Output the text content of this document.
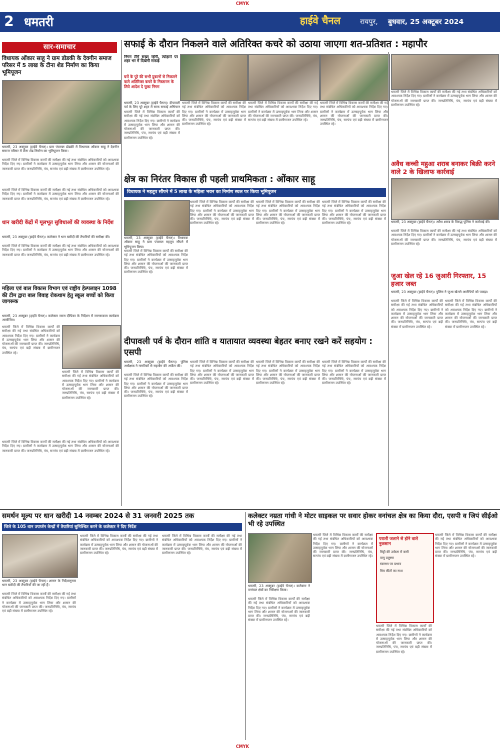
CMYK
2 धमतरी	हाईवे चैनल	रायपुर, बुधवार, 25 अक्टूबर 2024
सार-समाचार
विधायक ओंकार साहू ने ग्राम डोडकी के देवगीन समाज परिसर में 5 लाख के टीना शेड निर्माण का किया भूमिपूजन
धमतरी, 23 अक्टूबर (हाईवे चैनल)। ग्राम पंचायत डोडकी में विधायक ओंकार साहू ने देवगीन समाज परिसर में टीना शेड निर्माण का भूमिपूजन किया।
धमतरी जिले में विभिन्न विकास कार्यों की समीक्षा की गई तथा संबंधित अधिकारियों को आवश्यक निर्देश दिए गए। ग्रामीणों ने कार्यक्रम में उत्साहपूर्वक भाग लिया और शासन की योजनाओं की जानकारी प्राप्त की। जनप्रतिनिधि, पंच, सरपंच एवं बड़ी संख्या में ग्रामीणजन उपस्थित रहे।
धमतरी जिले में विभिन्न विकास कार्यों की समीक्षा की गई तथा संबंधित अधिकारियों को आवश्यक निर्देश दिए गए। ग्रामीणों ने कार्यक्रम में उत्साहपूर्वक भाग लिया और शासन की योजनाओं की जानकारी प्राप्त की। जनप्रतिनिधि, पंच, सरपंच एवं बड़ी संख्या में ग्रामीणजन उपस्थित रहे।
धान खरीदी केंद्रों में मूलभूत सुविधाओं की व्यवस्था के निर्देश
धमतरी, 23 अक्टूबर (हाईवे चैनल)। कलेक्टर ने धान खरीदी की तैयारियों की समीक्षा की।
धमतरी जिले में विभिन्न विकास कार्यों की समीक्षा की गई तथा संबंधित अधिकारियों को आवश्यक निर्देश दिए गए। ग्रामीणों ने कार्यक्रम में उत्साहपूर्वक भाग लिया और शासन की योजनाओं की जानकारी प्राप्त की। जनप्रतिनिधि, पंच, सरपंच एवं बड़ी संख्या में ग्रामीणजन उपस्थित रहे।
महिला एवं बाल विकास विभाग एवं राष्ट्रीय हेल्पलाइन 1098 की टीम द्वारा बाल विवाह रोकथाम हेतु स्कूल बच्चों को किया जागरूक
धमतरी, 23 अक्टूबर (हाईवे चैनल)। कलेक्टर व्यास दीपिका के निर्देशन में जागरूकता कार्यक्रम आयोजित।
धमतरी जिले में विभिन्न विकास कार्यों की समीक्षा की गई तथा संबंधित अधिकारियों को आवश्यक निर्देश दिए गए। ग्रामीणों ने कार्यक्रम में उत्साहपूर्वक भाग लिया और शासन की योजनाओं की जानकारी प्राप्त की। जनप्रतिनिधि, पंच, सरपंच एवं बड़ी संख्या में ग्रामीणजन उपस्थित रहे।
धमतरी जिले में विभिन्न विकास कार्यों की समीक्षा की गई तथा संबंधित अधिकारियों को आवश्यक निर्देश दिए गए। ग्रामीणों ने कार्यक्रम में उत्साहपूर्वक भाग लिया और शासन की योजनाओं की जानकारी प्राप्त की। जनप्रतिनिधि, पंच, सरपंच एवं बड़ी संख्या में ग्रामीणजन उपस्थित रहे।
धमतरी जिले में विभिन्न विकास कार्यों की समीक्षा की गई तथा संबंधित अधिकारियों को आवश्यक निर्देश दिए गए। ग्रामीणों ने कार्यक्रम में उत्साहपूर्वक भाग लिया और शासन की योजनाओं की जानकारी प्राप्त की। जनप्रतिनिधि, पंच, सरपंच एवं बड़ी संख्या में ग्रामीणजन उपस्थित रहे।
सफाई के दौरान निकलने वाले अतिरिक्त कचरे को उठाया जाएगा शत-प्रतिशत : महापौर
निगम टीमें सख्त रहेंगी, त्योहारों पर शहर भर में दिखेगी सफाई
घरों के पूरे की सभी दुकानों से निकलने वाले अतिरिक्त कचरे के निस्तारण के लिये आदेश दे चुका निगम
धमतरी, 23 अक्टूबर (हाईवे चैनल)। दीपावली पर्व के लिए पूरे शहर में साफ सफाई अभियान
धमतरी जिले में विभिन्न विकास कार्यों की समीक्षा की गई तथा संबंधित अधिकारियों को आवश्यक निर्देश दिए गए। ग्रामीणों ने कार्यक्रम में उत्साहपूर्वक भाग लिया और शासन की योजनाओं की जानकारी प्राप्त की। जनप्रतिनिधि, पंच, सरपंच एवं बड़ी संख्या में ग्रामीणजन उपस्थित रहे।
धमतरी जिले में विभिन्न विकास कार्यों की समीक्षा की गई तथा संबंधित अधिकारियों को आवश्यक निर्देश दिए गए। ग्रामीणों ने कार्यक्रम में उत्साहपूर्वक भाग लिया और शासन की योजनाओं की जानकारी प्राप्त की। जनप्रतिनिधि, पंच, सरपंच एवं बड़ी संख्या में ग्रामीणजन उपस्थित रहे।
धमतरी जिले में विभिन्न विकास कार्यों की समीक्षा की गई तथा संबंधित अधिकारियों को आवश्यक निर्देश दिए गए। ग्रामीणों ने कार्यक्रम में उत्साहपूर्वक भाग लिया और शासन की योजनाओं की जानकारी प्राप्त की। जनप्रतिनिधि, पंच, सरपंच एवं बड़ी संख्या में ग्रामीणजन उपस्थित रहे।
धमतरी जिले में विभिन्न विकास कार्यों की समीक्षा की गई तथा संबंधित अधिकारियों को आवश्यक निर्देश दिए गए। ग्रामीणों ने कार्यक्रम में उत्साहपूर्वक भाग लिया और शासन की योजनाओं की जानकारी प्राप्त की। जनप्रतिनिधि, पंच, सरपंच एवं बड़ी संख्या में ग्रामीणजन उपस्थित रहे।
धमतरी जिले में विभिन्न विकास कार्यों की समीक्षा की गई तथा संबंधित अधिकारियों को आवश्यक निर्देश दिए गए। ग्रामीणों ने कार्यक्रम में उत्साहपूर्वक भाग लिया और शासन की योजनाओं की जानकारी प्राप्त की। जनप्रतिनिधि, पंच, सरपंच एवं बड़ी संख्या में ग्रामीणजन उपस्थित रहे।
अवैध कच्ची महुआ शराब बनाकर बिक्री करने वाले 2 के खिलाफ कार्रवाई
धमतरी, 23 अक्टूबर (हाईवे चैनल)। अवैध शराब के विरुद्ध पुलिस ने कार्रवाई की।
धमतरी जिले में विभिन्न विकास कार्यों की समीक्षा की गई तथा संबंधित अधिकारियों को आवश्यक निर्देश दिए गए। ग्रामीणों ने कार्यक्रम में उत्साहपूर्वक भाग लिया और शासन की योजनाओं की जानकारी प्राप्त की। जनप्रतिनिधि, पंच, सरपंच एवं बड़ी संख्या में ग्रामीणजन उपस्थित रहे।
क्षेत्र का निरंतर विकास ही पहली प्राथमिकता : ओंकार साहू
विधायक ने महतूप सौंपने में 5 लाख के महिला भवन का निर्माण स्थल पर किया भूमिपूजन
धमतरी, 23 अक्टूबर (हाईवे चैनल)। विधायक ओंकार साहू ने ग्राम पंचायत महतूप सौंपने में भूमिपूजन किया।
धमतरी जिले में विभिन्न विकास कार्यों की समीक्षा की गई तथा संबंधित अधिकारियों को आवश्यक निर्देश दिए गए। ग्रामीणों ने कार्यक्रम में उत्साहपूर्वक भाग लिया और शासन की योजनाओं की जानकारी प्राप्त की। जनप्रतिनिधि, पंच, सरपंच एवं बड़ी संख्या में ग्रामीणजन उपस्थित रहे।
धमतरी जिले में विभिन्न विकास कार्यों की समीक्षा की गई तथा संबंधित अधिकारियों को आवश्यक निर्देश दिए गए। ग्रामीणों ने कार्यक्रम में उत्साहपूर्वक भाग लिया और शासन की योजनाओं की जानकारी प्राप्त की। जनप्रतिनिधि, पंच, सरपंच एवं बड़ी संख्या में ग्रामीणजन उपस्थित रहे।
धमतरी जिले में विभिन्न विकास कार्यों की समीक्षा की गई तथा संबंधित अधिकारियों को आवश्यक निर्देश दिए गए। ग्रामीणों ने कार्यक्रम में उत्साहपूर्वक भाग लिया और शासन की योजनाओं की जानकारी प्राप्त की। जनप्रतिनिधि, पंच, सरपंच एवं बड़ी संख्या में ग्रामीणजन उपस्थित रहे।
धमतरी जिले में विभिन्न विकास कार्यों की समीक्षा की गई तथा संबंधित अधिकारियों को आवश्यक निर्देश दिए गए। ग्रामीणों ने कार्यक्रम में उत्साहपूर्वक भाग लिया और शासन की योजनाओं की जानकारी प्राप्त की। जनप्रतिनिधि, पंच, सरपंच एवं बड़ी संख्या में ग्रामीणजन उपस्थित रहे।
जुआ खेल रहे 16 जुआरी गिरफ्तार, 15 हजार जब्त
धमतरी, 23 अक्टूबर (हाईवे चैनल)। पुलिस ने जुआ खेलते आरोपियों को पकड़ा।
धमतरी जिले में विभिन्न विकास कार्यों की समीक्षा की गई तथा संबंधित अधिकारियों को आवश्यक निर्देश दिए गए। ग्रामीणों ने कार्यक्रम में उत्साहपूर्वक भाग लिया और शासन की योजनाओं की जानकारी प्राप्त की। जनप्रतिनिधि, पंच, सरपंच एवं बड़ी संख्या में ग्रामीणजन उपस्थित रहे।
धमतरी जिले में विभिन्न विकास कार्यों की समीक्षा की गई तथा संबंधित अधिकारियों को आवश्यक निर्देश दिए गए। ग्रामीणों ने कार्यक्रम में उत्साहपूर्वक भाग लिया और शासन की योजनाओं की जानकारी प्राप्त की। जनप्रतिनिधि, पंच, सरपंच एवं बड़ी संख्या में ग्रामीणजन उपस्थित रहे।
दीपावली पर्व के दौरान शांति व यातायात व्यवस्था बेहतर बनाए रखने करें सहयोग : एसपी
धमतरी, 23 अक्टूबर (हाईवे चैनल)। पुलिस अधीक्षक ने नागरिकों से सहयोग की अपील की।
धमतरी जिले में विभिन्न विकास कार्यों की समीक्षा की गई तथा संबंधित अधिकारियों को आवश्यक निर्देश दिए गए। ग्रामीणों ने कार्यक्रम में उत्साहपूर्वक भाग लिया और शासन की योजनाओं की जानकारी प्राप्त की। जनप्रतिनिधि, पंच, सरपंच एवं बड़ी संख्या में ग्रामीणजन उपस्थित रहे।
धमतरी जिले में विभिन्न विकास कार्यों की समीक्षा की गई तथा संबंधित अधिकारियों को आवश्यक निर्देश दिए गए। ग्रामीणों ने कार्यक्रम में उत्साहपूर्वक भाग लिया और शासन की योजनाओं की जानकारी प्राप्त की। जनप्रतिनिधि, पंच, सरपंच एवं बड़ी संख्या में ग्रामीणजन उपस्थित रहे।
धमतरी जिले में विभिन्न विकास कार्यों की समीक्षा की गई तथा संबंधित अधिकारियों को आवश्यक निर्देश दिए गए। ग्रामीणों ने कार्यक्रम में उत्साहपूर्वक भाग लिया और शासन की योजनाओं की जानकारी प्राप्त की। जनप्रतिनिधि, पंच, सरपंच एवं बड़ी संख्या में ग्रामीणजन उपस्थित रहे।
धमतरी जिले में विभिन्न विकास कार्यों की समीक्षा की गई तथा संबंधित अधिकारियों को आवश्यक निर्देश दिए गए। ग्रामीणों ने कार्यक्रम में उत्साहपूर्वक भाग लिया और शासन की योजनाओं की जानकारी प्राप्त की। जनप्रतिनिधि, पंच, सरपंच एवं बड़ी संख्या में ग्रामीणजन उपस्थित रहे।
समर्थन मूल्य पर धान खरीदी 14 नवम्बर 2024 से 31 जनवरी 2025 तक
जिले के 105 धान उपार्जन केन्द्रों में तैयारियां सुनिश्चित करने के कलेक्टर ने दिए निर्देश
धमतरी, 23 अक्टूबर (हाईवे चैनल)। शासन के निर्देशानुसार धान खरीदी की तैयारियाँ की जा रही हैं।
धमतरी जिले में विभिन्न विकास कार्यों की समीक्षा की गई तथा संबंधित अधिकारियों को आवश्यक निर्देश दिए गए। ग्रामीणों ने कार्यक्रम में उत्साहपूर्वक भाग लिया और शासन की योजनाओं की जानकारी प्राप्त की। जनप्रतिनिधि, पंच, सरपंच एवं बड़ी संख्या में ग्रामीणजन उपस्थित रहे।
धमतरी जिले में विभिन्न विकास कार्यों की समीक्षा की गई तथा संबंधित अधिकारियों को आवश्यक निर्देश दिए गए। ग्रामीणों ने कार्यक्रम में उत्साहपूर्वक भाग लिया और शासन की योजनाओं की जानकारी प्राप्त की। जनप्रतिनिधि, पंच, सरपंच एवं बड़ी संख्या में ग्रामीणजन उपस्थित रहे।
धमतरी जिले में विभिन्न विकास कार्यों की समीक्षा की गई तथा संबंधित अधिकारियों को आवश्यक निर्देश दिए गए। ग्रामीणों ने कार्यक्रम में उत्साहपूर्वक भाग लिया और शासन की योजनाओं की जानकारी प्राप्त की। जनप्रतिनिधि, पंच, सरपंच एवं बड़ी संख्या में ग्रामीणजन उपस्थित रहे।
कलेक्टर नम्रता गांधी ने मोटर साइकल पर सवार होकर वनांचल क्षेत्र का किया दौरा, एसपी व जिपं सीईओ भी रहे उपस्थित
धमतरी, 23 अक्टूबर (हाईवे चैनल)। कलेक्टर ने वनांचल क्षेत्रों का निरीक्षण किया।
धमतरी जिले में विभिन्न विकास कार्यों की समीक्षा की गई तथा संबंधित अधिकारियों को आवश्यक निर्देश दिए गए। ग्रामीणों ने कार्यक्रम में उत्साहपूर्वक भाग लिया और शासन की योजनाओं की जानकारी प्राप्त की। जनप्रतिनिधि, पंच, सरपंच एवं बड़ी संख्या में ग्रामीणजन उपस्थित रहे।
धमतरी जिले में विभिन्न विकास कार्यों की समीक्षा की गई तथा संबंधित अधिकारियों को आवश्यक निर्देश दिए गए। ग्रामीणों ने कार्यक्रम में उत्साहपूर्वक भाग लिया और शासन की योजनाओं की जानकारी प्राप्त की। जनप्रतिनिधि, पंच, सरपंच एवं बड़ी संख्या में ग्रामीणजन उपस्थित रहे।
पराली जलाने से होने वाले नुकसान
मिट्टी की उर्वरता में कमी
वायु प्रदूषण
स्वास्थ्य पर प्रभाव
मित्र कीटों का नाश
धमतरी जिले में विभिन्न विकास कार्यों की समीक्षा की गई तथा संबंधित अधिकारियों को आवश्यक निर्देश दिए गए। ग्रामीणों ने कार्यक्रम में उत्साहपूर्वक भाग लिया और शासन की योजनाओं की जानकारी प्राप्त की। जनप्रतिनिधि, पंच, सरपंच एवं बड़ी संख्या में ग्रामीणजन उपस्थित रहे।
धमतरी जिले में विभिन्न विकास कार्यों की समीक्षा की गई तथा संबंधित अधिकारियों को आवश्यक निर्देश दिए गए। ग्रामीणों ने कार्यक्रम में उत्साहपूर्वक भाग लिया और शासन की योजनाओं की जानकारी प्राप्त की। जनप्रतिनिधि, पंच, सरपंच एवं बड़ी संख्या में ग्रामीणजन उपस्थित रहे।
CMYK
